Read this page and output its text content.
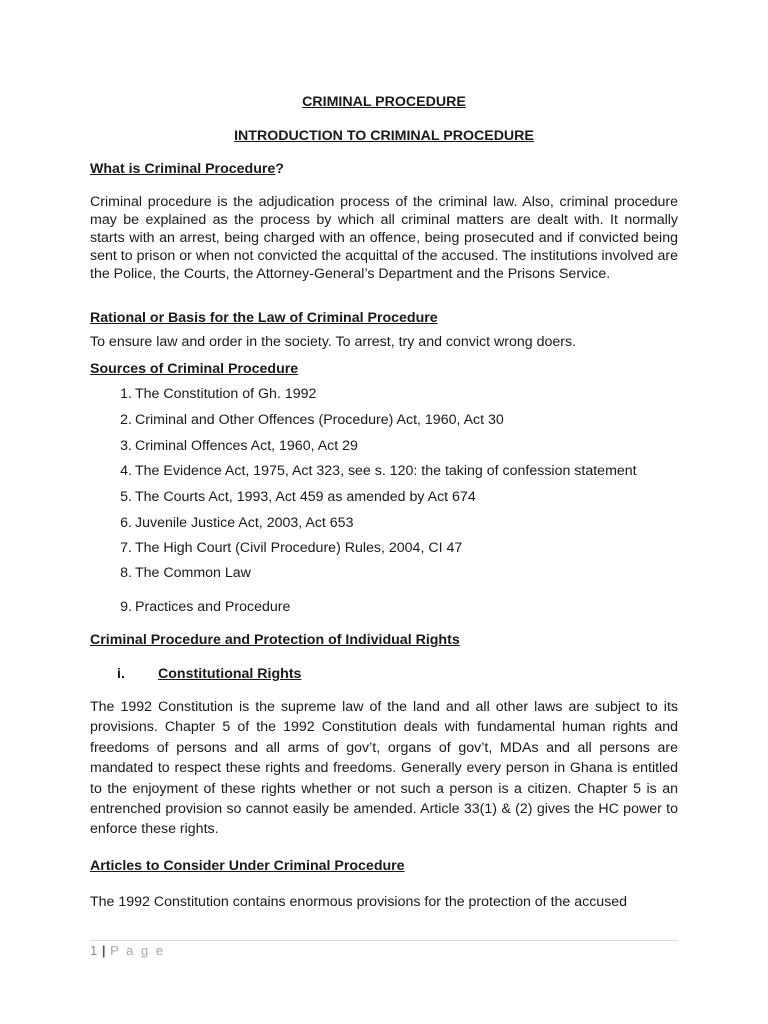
CRIMINAL PROCEDURE
INTRODUCTION TO CRIMINAL PROCEDURE
What is Criminal Procedure?
Criminal procedure is the adjudication process of the criminal law. Also, criminal procedure may be explained as the process by which all criminal matters are dealt with. It normally starts with an arrest, being charged with an offence, being prosecuted and if convicted being sent to prison or when not convicted the acquittal of the accused. The institutions involved are the Police, the Courts, the Attorney-General’s Department and the Prisons Service.
Rational or Basis for the Law of Criminal Procedure
To ensure law and order in the society. To arrest, try and convict wrong doers.
Sources of Criminal Procedure
1. The Constitution of Gh. 1992
2. Criminal and Other Offences (Procedure) Act, 1960, Act 30
3. Criminal Offences Act, 1960, Act 29
4. The Evidence Act, 1975, Act 323, see s. 120: the taking of confession statement
5. The Courts Act, 1993, Act 459 as amended by Act 674
6. Juvenile Justice Act, 2003, Act 653
7. The High Court (Civil Procedure) Rules, 2004, CI 47
8. The Common Law
9. Practices and Procedure
Criminal Procedure and Protection of Individual Rights
i. Constitutional Rights
The 1992 Constitution is the supreme law of the land and all other laws are subject to its provisions. Chapter 5 of the 1992 Constitution deals with fundamental human rights and freedoms of persons and all arms of gov’t, organs of gov’t, MDAs and all persons are mandated to respect these rights and freedoms. Generally every person in Ghana is entitled to the enjoyment of these rights whether or not such a person is a citizen. Chapter 5 is an entrenched provision so cannot easily be amended. Article 33(1) & (2) gives the HC power to enforce these rights.
Articles to Consider Under Criminal Procedure
The 1992 Constitution contains enormous provisions for the protection of the accused
1 | P a g e
